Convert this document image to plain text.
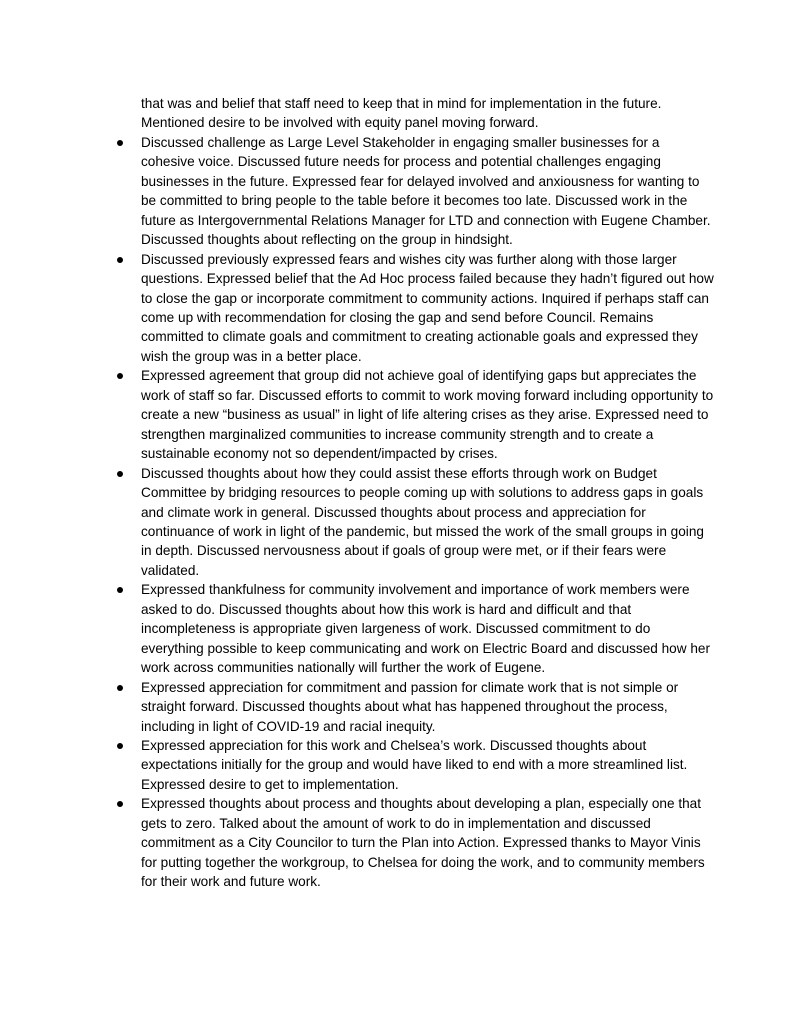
that was and belief that staff need to keep that in mind for implementation in the future. Mentioned desire to be involved with equity panel moving forward.

Discussed challenge as Large Level Stakeholder in engaging smaller businesses for a cohesive voice. Discussed future needs for process and potential challenges engaging businesses in the future. Expressed fear for delayed involved and anxiousness for wanting to be committed to bring people to the table before it becomes too late. Discussed work in the future as Intergovernmental Relations Manager for LTD and connection with Eugene Chamber. Discussed thoughts about reflecting on the group in hindsight.
Discussed previously expressed fears and wishes city was further along with those larger questions. Expressed belief that the Ad Hoc process failed because they hadn’t figured out how to close the gap or incorporate commitment to community actions. Inquired if perhaps staff can come up with recommendation for closing the gap and send before Council. Remains committed to climate goals and commitment to creating actionable goals and expressed they wish the group was in a better place.
Expressed agreement that group did not achieve goal of identifying gaps but appreciates the work of staff so far. Discussed efforts to commit to work moving forward including opportunity to create a new “business as usual” in light of life altering crises as they arise. Expressed need to strengthen marginalized communities to increase community strength and to create a sustainable economy not so dependent/impacted by crises.
Discussed thoughts about how they could assist these efforts through work on Budget Committee by bridging resources to people coming up with solutions to address gaps in goals and climate work in general. Discussed thoughts about process and appreciation for continuance of work in light of the pandemic, but missed the work of the small groups in going in depth. Discussed nervousness about if goals of group were met, or if their fears were validated.
Expressed thankfulness for community involvement and importance of work members were asked to do. Discussed thoughts about how this work is hard and difficult and that incompleteness is appropriate given largeness of work. Discussed commitment to do everything possible to keep communicating and work on Electric Board and discussed how her work across communities nationally will further the work of Eugene.
Expressed appreciation for commitment and passion for climate work that is not simple or straight forward. Discussed thoughts about what has happened throughout the process, including in light of COVID-19 and racial inequity.
Expressed appreciation for this work and Chelsea’s work. Discussed thoughts about expectations initially for the group and would have liked to end with a more streamlined list. Expressed desire to get to implementation.
Expressed thoughts about process and thoughts about developing a plan, especially one that gets to zero. Talked about the amount of work to do in implementation and discussed commitment as a City Councilor to turn the Plan into Action. Expressed thanks to Mayor Vinis for putting together the workgroup, to Chelsea for doing the work, and to community members for their work and future work.
